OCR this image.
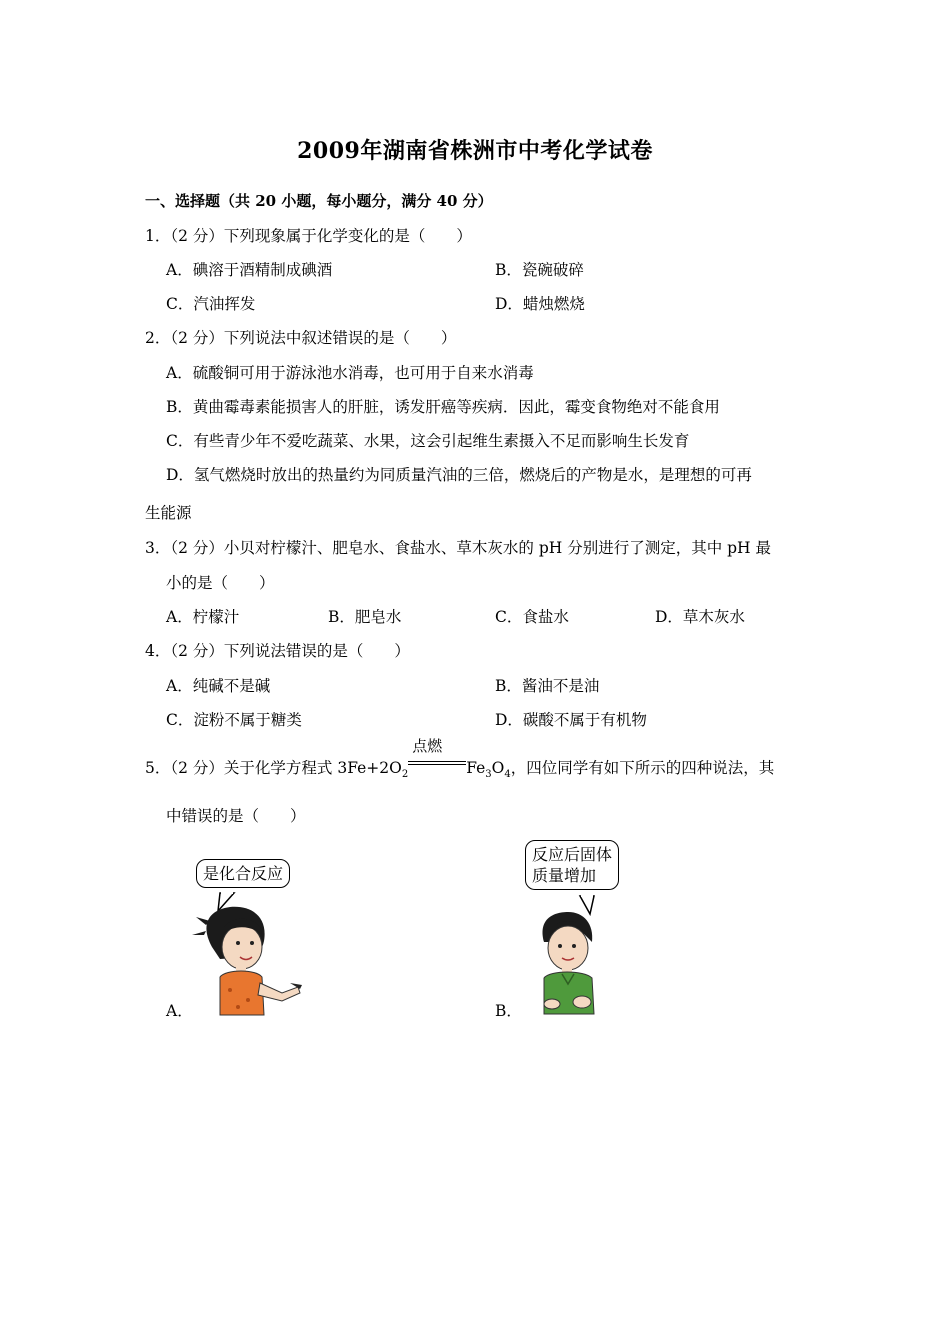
2009年湖南省株洲市中考化学试卷
一、选择题（共 20 小题，每小题分，满分 40 分）
1．（2 分）下列现象属于化学变化的是（　　）
A．碘溶于酒精制成碘酒	B．瓷碗破碎
C．汽油挥发	D．蜡烛燃烧
2．（2 分）下列说法中叙述错误的是（　　）
A．硫酸铜可用于游泳池水消毒，也可用于自来水消毒
B．黄曲霉毒素能损害人的肝脏，诱发肝癌等疾病．因此，霉变食物绝对不能食用
C．有些青少年不爱吃蔬菜、水果，这会引起维生素摄入不足而影响生长发育
D．氢气燃烧时放出的热量约为同质量汽油的三倍，燃烧后的产物是水，是理想的可再
生能源
3．（2 分）小贝对柠檬汁、肥皂水、食盐水、草木灰水的 pH 分别进行了测定，其中 pH 最
小的是（　　）
A．柠檬汁	B．肥皂水	C．食盐水	D．草木灰水
4．（2 分）下列说法错误的是（　　）
A．纯碱不是碱	B．酱油不是油
C．淀粉不属于糖类	D．碳酸不属于有机物
5．（2 分）关于化学方程式 $3Fe+2O_2$
点燃
$Fe_3O_4$，四位同学有如下所示的四种说法，其
中错误的是（　　）
A．
是化合反应
B．
反应后固体
质量增加
